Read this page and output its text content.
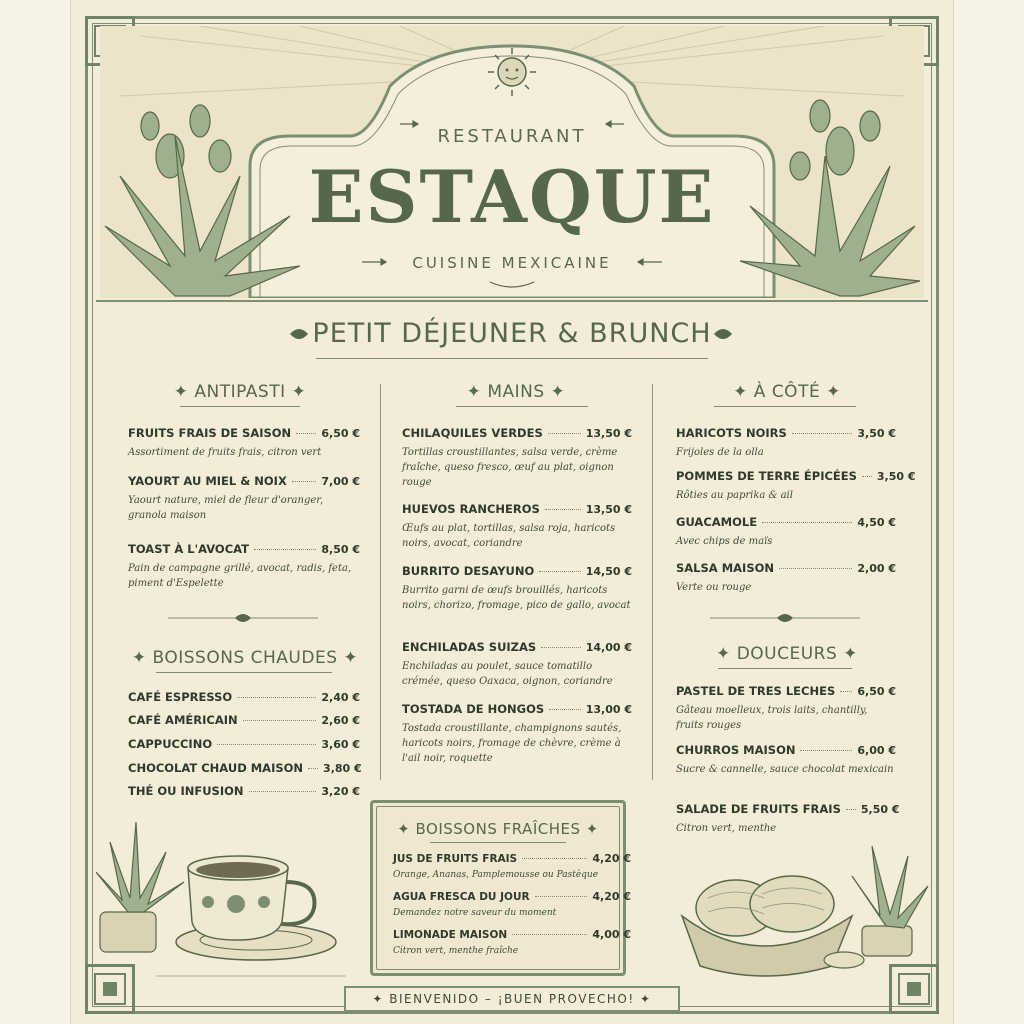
RESTAURANT
ESTAQUE
CUISINE MEXICAINE
PETIT DÉJEUNER & BRUNCH
✦ ANTIPASTI ✦
FRUITS FRAIS DE SAISON	6,50 €
Assortiment de fruits frais, citron vert
YAOURT AU MIEL & NOIX	7,00 €
Yaourt nature, miel de fleur d'oranger, granola maison
TOAST À L'AVOCAT	8,50 €
Pain de campagne grillé, avocat, radis, feta, piment d'Espelette
✦ BOISSONS CHAUDES ✦
CAFÉ ESPRESSO	2,40 €
CAFÉ AMÉRICAIN	2,60 €
CAPPUCCINO	3,60 €
CHOCOLAT CHAUD MAISON 3,80 €
THÉ OU INFUSION	3,20 €
✦ MAINS ✦
CHILAQUILES VERDES	13,50 €
Tortillas croustillantes, salsa verde, crème fraîche, queso fresco, œuf au plat, oignon rouge
HUEVOS RANCHEROS	13,50 €
Œufs au plat, tortillas, salsa roja, haricots noirs, avocat, coriandre
BURRITO DESAYUNO	14,50 €
Burrito garni de œufs brouillés, haricots noirs, chorizo, fromage, pico de gallo, avocat
ENCHILADAS SUIZAS	14,00 €
Enchiladas au poulet, sauce tomatillo crémée, queso Oaxaca, oignon, coriandre
TOSTADA DE HONGOS	13,00 €
Tostada croustillante, champignons sautés, haricots noirs, fromage de chèvre, crème à l'ail noir, roquette
✦ BOISSONS FRAÎCHES ✦
JUS DE FRUITS FRAIS	4,20 €
Orange, Ananas, Pamplemousse ou Pastèque
AGUA FRESCA DU JOUR	4,20 €
Demandez notre saveur du moment
LIMONADE MAISON	4,00 €
Citron vert, menthe fraîche
✦ À CÔTÉ ✦
HARICOTS NOIRS	3,50 €
Frijoles de la olla
POMMES DE TERRE ÉPICÉES 3,50 €
Rôties au paprika & ail
GUACAMOLE	4,50 €
Avec chips de maïs
SALSA MAISON	2,00 €
Verte ou rouge
✦ DOUCEURS ✦
PASTEL DE TRES LECHES 6,50 €
Gâteau moelleux, trois laits, chantilly, fruits rouges
CHURROS MAISON	6,00 €
Sucre & cannelle, sauce chocolat mexicain
SALADE DE FRUITS FRAIS 5,50 €
Citron vert, menthe
✦ BIENVENIDO – ¡BUEN PROVECHO! ✦
